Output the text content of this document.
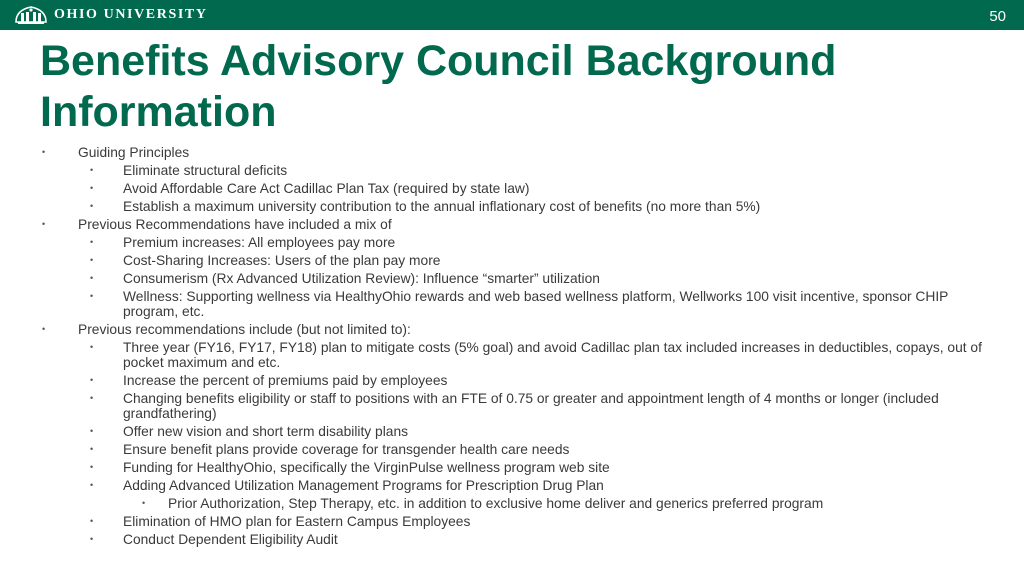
OHIO UNIVERSITY	50
Benefits Advisory Council Background Information
• Guiding Principles
• Eliminate structural deficits
• Avoid Affordable Care Act Cadillac Plan Tax (required by state law)
• Establish a maximum university contribution to the annual inflationary cost of benefits (no more than 5%)
• Previous Recommendations have included a mix of
• Premium increases: All employees pay more
• Cost-Sharing Increases: Users of the plan pay more
• Consumerism (Rx Advanced Utilization Review): Influence “smarter” utilization
• Wellness: Supporting wellness via HealthyOhio rewards and web based wellness platform, Wellworks 100 visit incentive, sponsor CHIP program, etc.
• Previous recommendations include (but not limited to):
• Three year (FY16, FY17, FY18) plan to mitigate costs (5% goal) and avoid Cadillac plan tax included increases in deductibles, copays, out of pocket maximum and etc.
• Increase the percent of premiums paid by employees
• Changing benefits eligibility or staff to positions with an FTE of 0.75 or greater and appointment length of 4 months or longer (included grandfathering)
• Offer new vision and short term disability plans
• Ensure benefit plans provide coverage for transgender health care needs
• Funding for HealthyOhio, specifically the VirginPulse wellness program web site
• Adding Advanced Utilization Management Programs for Prescription Drug Plan
• Prior Authorization, Step Therapy, etc. in addition to exclusive home deliver and generics preferred program
• Elimination of HMO plan for Eastern Campus Employees
• Conduct Dependent Eligibility Audit
